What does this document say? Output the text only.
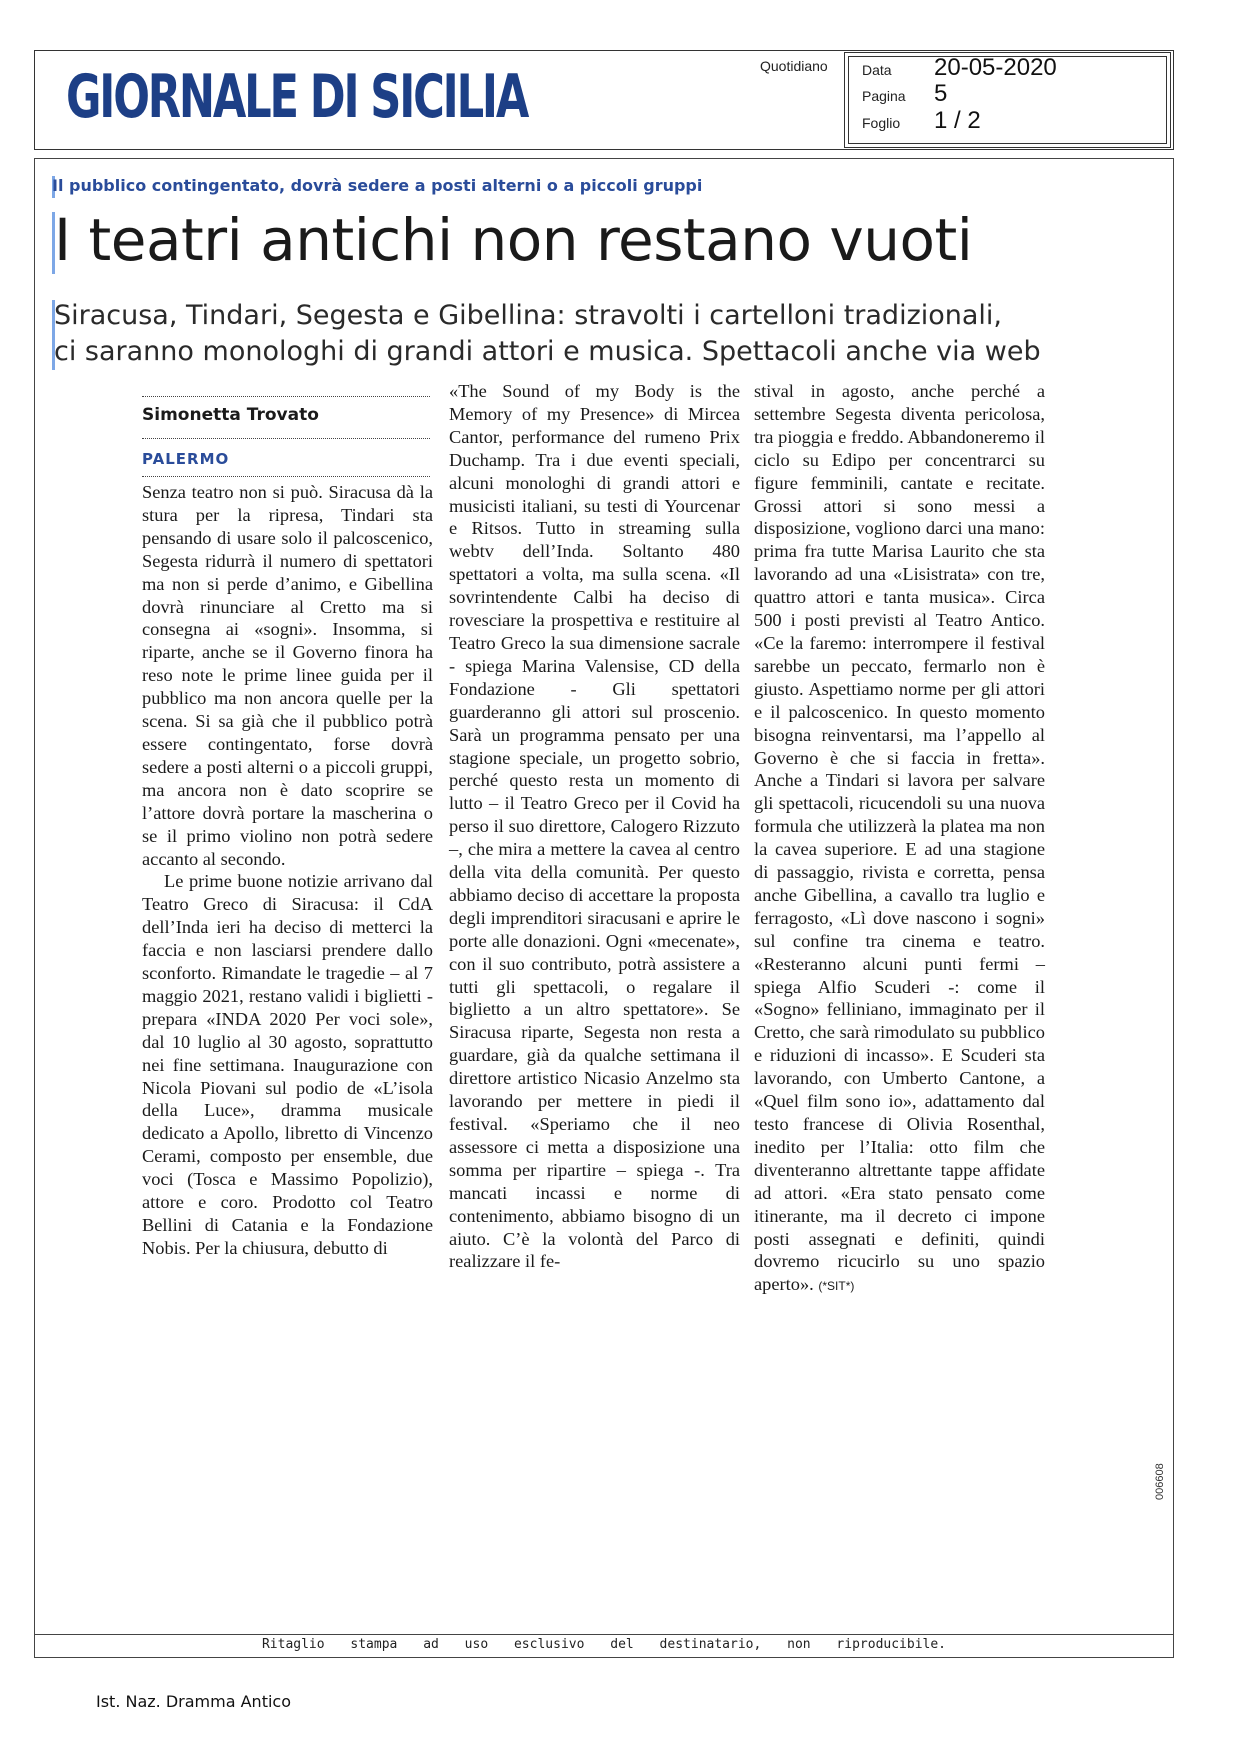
GIORNALE DI SICILIA	Quotidiano Data 20-05-2020
Pagina 5
Foglio 1 / 2
Il pubblico contingentato, dovrà sedere a posti alterni o a piccoli gruppi
I teatri antichi non restano vuoti
Siracusa, Tindari, Segesta e Gibellina: stravolti i cartelloni tradizionali,
ci saranno monologhi di grandi attori e musica. Spettacoli anche via web
Simonetta Trovato
PALERMO

Senza teatro non si può. Siracusa dà la stura per la ripresa, Tindari sta pensando di usare solo il palcoscenico, Segesta ridurrà il numero di spettatori ma non si perde d’animo, e Gibellina dovrà rinunciare al Cretto ma si consegna ai «sogni». Insomma, si riparte, anche se il Governo finora ha reso note le prime linee guida per il pubblico ma non ancora quelle per la scena. Si sa già che il pubblico potrà essere contingentato, forse dovrà sedere a posti alterni o a piccoli gruppi, ma ancora non è dato scoprire se l’attore dovrà portare la mascherina o se il primo violino non potrà sedere accanto al secondo.

Le prime buone notizie arrivano dal Teatro Greco di Siracusa: il CdA dell’Inda ieri ha deciso di metterci la faccia e non lasciarsi prendere dallo sconforto. Rimandate le tragedie – al 7 maggio 2021, restano validi i biglietti - prepara «INDA 2020 Per voci sole», dal 10 luglio al 30 agosto, soprattutto nei fine settimana. Inaugurazione con Nicola Piovani sul podio de «L’isola della Luce», dramma musicale dedicato a Apollo, libretto di Vincenzo Cerami, composto per ensemble, due voci (Tosca e Massimo Popolizio), attore e coro. Prodotto col Teatro Bellini di Catania e la Fondazione Nobis. Per la chiusura, debutto di

«The Sound of my Body is the Memory of my Presence» di Mircea Cantor, performance del rumeno Prix Duchamp. Tra i due eventi speciali, alcuni monologhi di grandi attori e musicisti italiani, su testi di Yourcenar e Ritsos. Tutto in streaming sulla webtv dell’Inda. Soltanto 480 spettatori a volta, ma sulla scena. «Il sovrintendente Calbi ha deciso di rovesciare la prospettiva e restituire al Teatro Greco la sua dimensione sacrale - spiega Marina Valensise, CD della Fondazione - Gli spettatori guarderanno gli attori sul proscenio. Sarà un programma pensato per una stagione speciale, un progetto sobrio, perché questo resta un momento di lutto – il Teatro Greco per il Covid ha perso il suo direttore, Calogero Rizzuto –, che mira a mettere la cavea al centro della vita della comunità. Per questo abbiamo deciso di accettare la proposta degli imprenditori siracusani e aprire le porte alle donazioni. Ogni «mecenate», con il suo contributo, potrà assistere a tutti gli spettacoli, o regalare il biglietto a un altro spettatore». Se Siracusa riparte, Segesta non resta a guardare, già da qualche settimana il direttore artistico Nicasio Anzelmo sta lavorando per mettere in piedi il festival. «Speriamo che il neo assessore ci metta a disposizione una somma per ripartire – spiega -. Tra mancati incassi e norme di contenimento, abbiamo bisogno di un aiuto. C’è la volontà del Parco di realizzare il fe-

stival in agosto, anche perché a settembre Segesta diventa pericolosa, tra pioggia e freddo. Abbandoneremo il ciclo su Edipo per concentrarci su figure femminili, cantate e recitate. Grossi attori si sono messi a disposizione, vogliono darci una mano: prima fra tutte Marisa Laurito che sta lavorando ad una «Lisistrata» con tre, quattro attori e tanta musica». Circa 500 i posti previsti al Teatro Antico. «Ce la faremo: interrompere il festival sarebbe un peccato, fermarlo non è giusto. Aspettiamo norme per gli attori e il palcoscenico. In questo momento bisogna reinventarsi, ma l’appello al Governo è che si faccia in fretta». Anche a Tindari si lavora per salvare gli spettacoli, ricucendoli su una nuova formula che utilizzerà la platea ma non la cavea superiore. E ad una stagione di passaggio, rivista e corretta, pensa anche Gibellina, a cavallo tra luglio e ferragosto, «Lì dove nascono i sogni» sul confine tra cinema e teatro. «Resteranno alcuni punti fermi – spiega Alfio Scuderi -: come il «Sogno» felliniano, immaginato per il Cretto, che sarà rimodulato su pubblico e riduzioni di incasso». E Scuderi sta lavorando, con Umberto Cantone, a «Quel film sono io», adattamento dal testo francese di Olivia Rosenthal, inedito per l’Italia: otto film che diventeranno altrettante tappe affidate ad attori. «Era stato pensato come itinerante, ma il decreto ci impone posti assegnati e definiti, quindi dovremo ricucirlo su uno spazio aperto». (*SIT*)

Ritaglio stampa ad uso esclusivo del destinatario, non riproducibile.
006608
Ist. Naz. Dramma Antico
